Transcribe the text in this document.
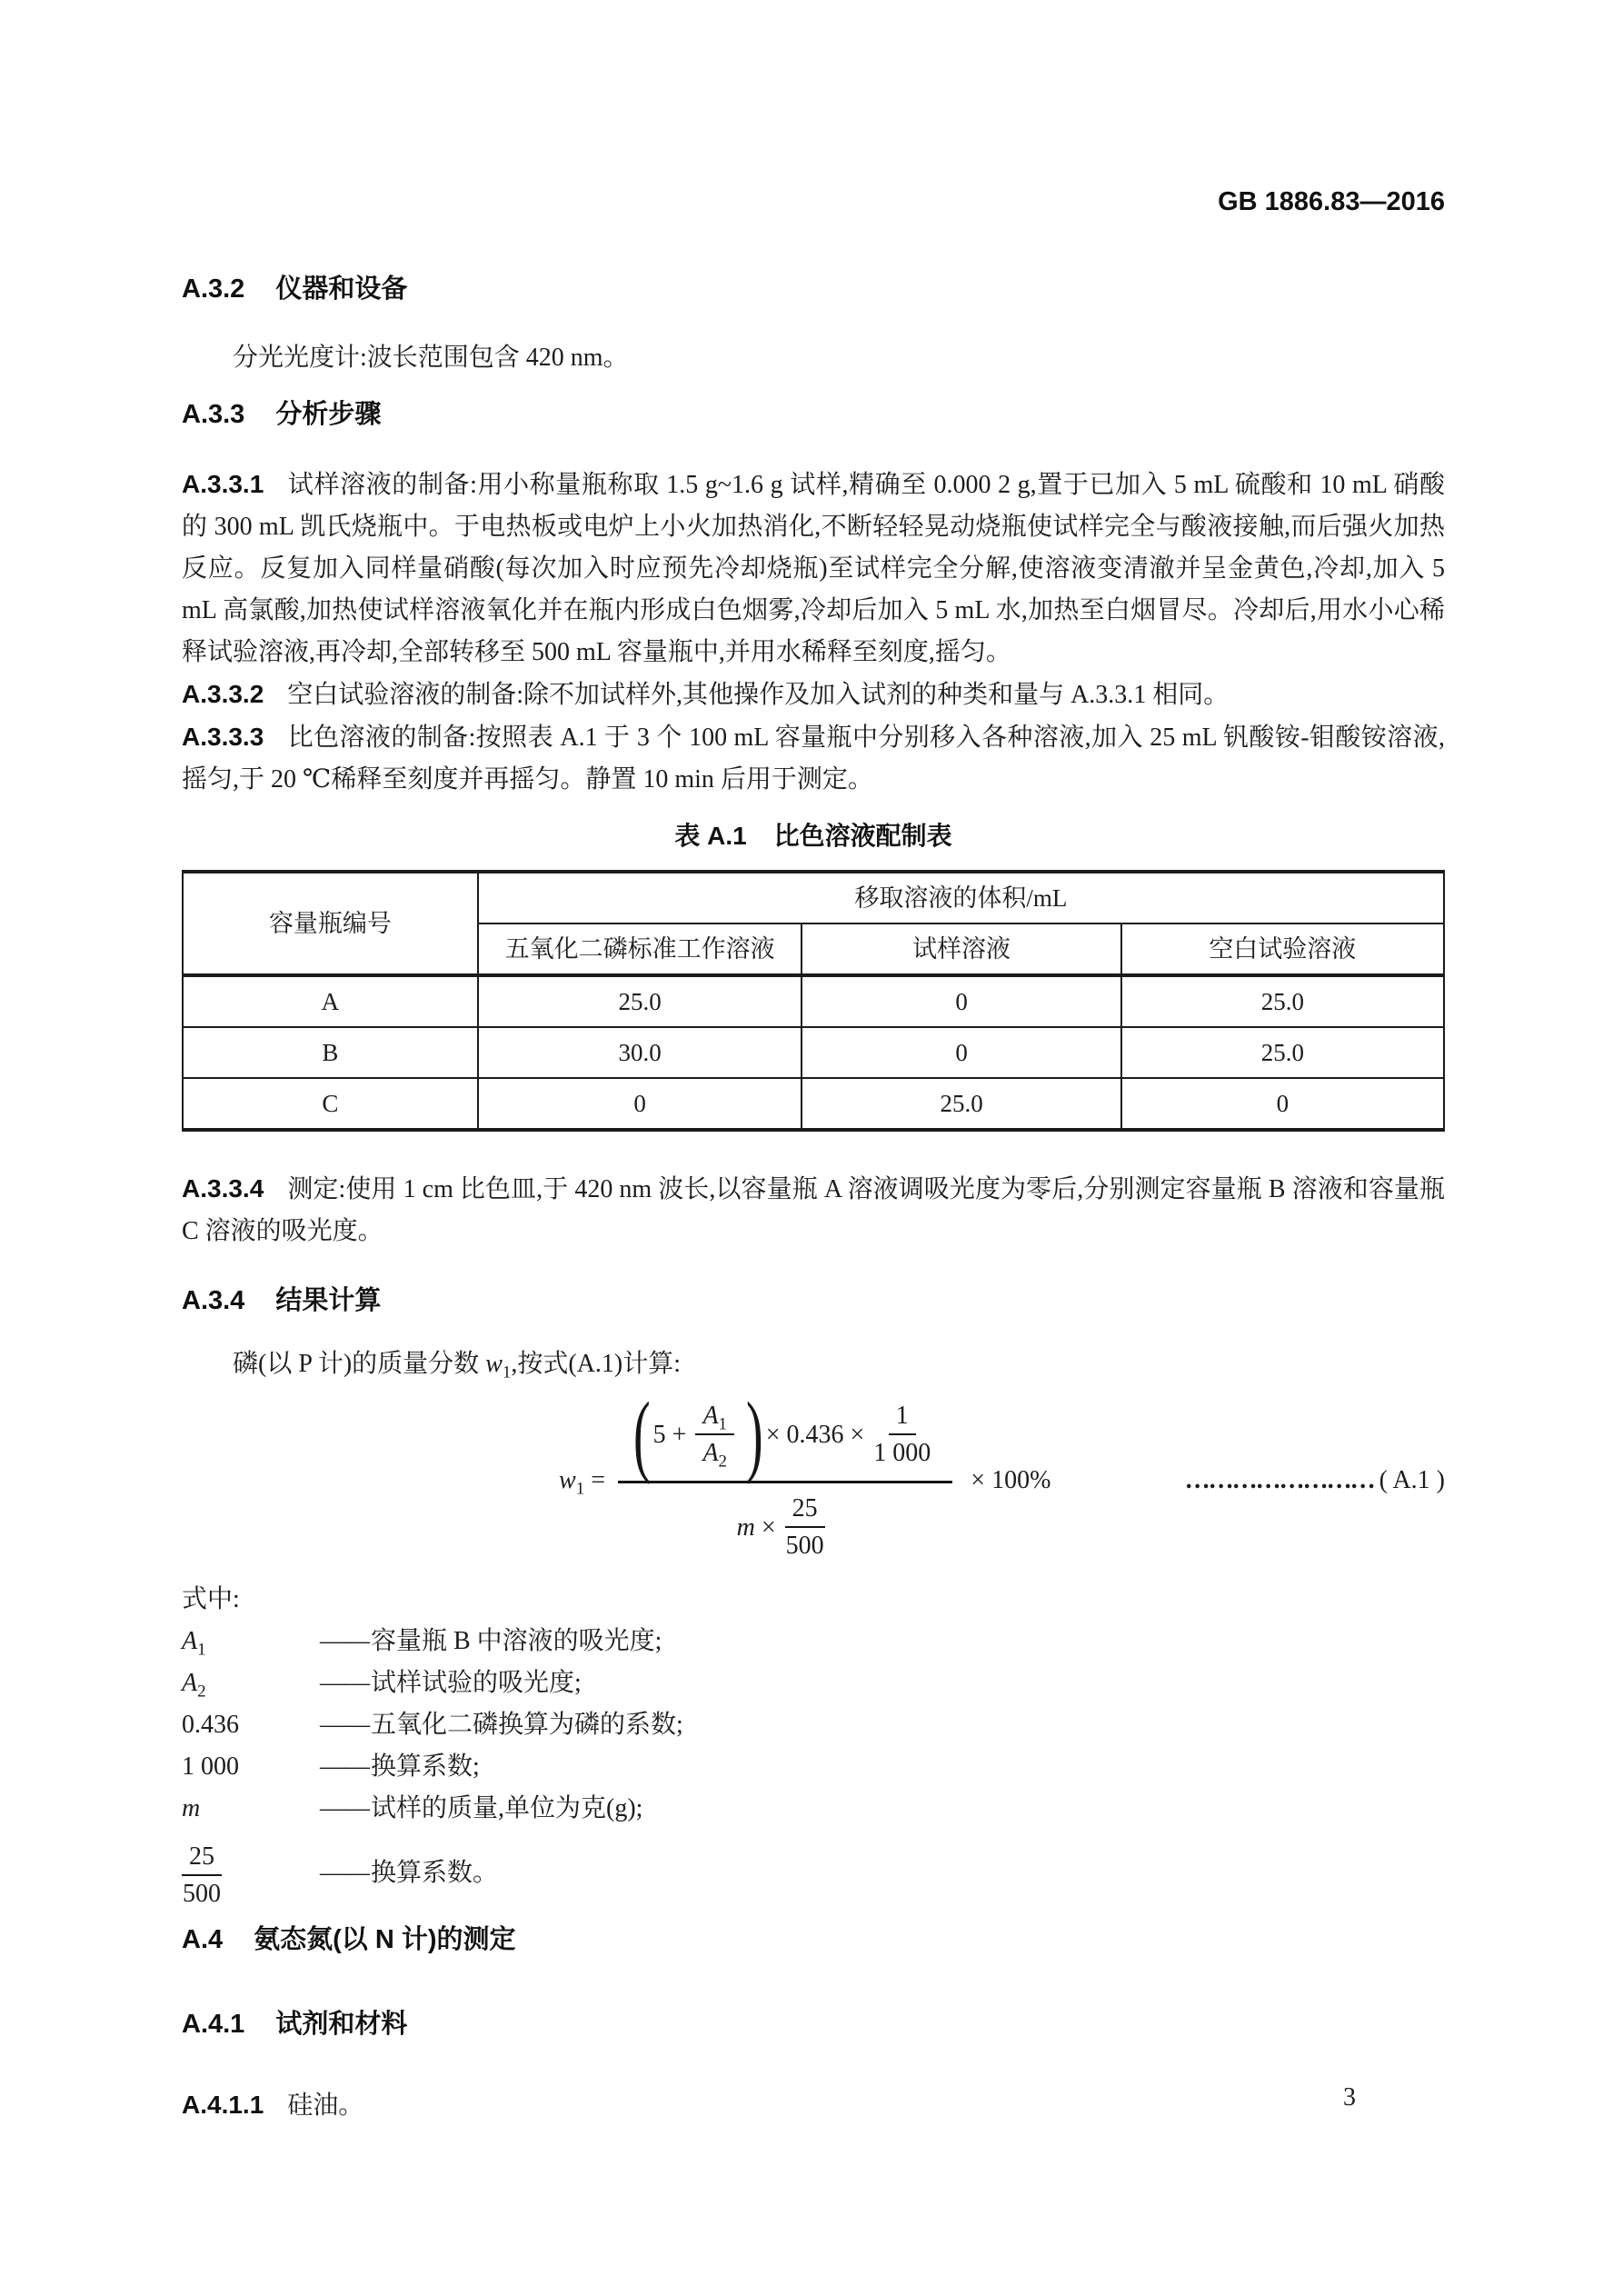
GB 1886.83—2016
A.3.2 仪器和设备

分光光度计:波长范围包含 420 nm。

A.3.3 分析步骤

A.3.3.1 试样溶液的制备:用小称量瓶称取 1.5 g~1.6 g 试样,精确至 0.000 2 g,置于已加入 5 mL 硫酸和 10 mL 硝酸的 300 mL 凯氏烧瓶中。于电热板或电炉上小火加热消化,不断轻轻晃动烧瓶使试样完全与酸液接触,而后强火加热反应。反复加入同样量硝酸(每次加入时应预先冷却烧瓶)至试样完全分解,使溶液变清澈并呈金黄色,冷却,加入 5 mL 高氯酸,加热使试样溶液氧化并在瓶内形成白色烟雾,冷却后加入 5 mL 水,加热至白烟冒尽。冷却后,用水小心稀释试验溶液,再冷却,全部转移至 500 mL 容量瓶中,并用水稀释至刻度,摇匀。

A.3.3.2 空白试验溶液的制备:除不加试样外,其他操作及加入试剂的种类和量与 A.3.3.1 相同。

A.3.3.3 比色溶液的制备:按照表 A.1 于 3 个 100 mL 容量瓶中分别移入各种溶液,加入 25 mL 钒酸铵-钼酸铵溶液,摇匀,于 20 ℃稀释至刻度并再摇匀。静置 10 min 后用于测定。

表 A.1 比色溶液配制表
容量瓶编号	移取溶液的体积/mL		
	五氧化二磷标准工作溶液	试样溶液	空白试验溶液
A	25.0	0	25.0
B	30.0	0	25.0
C	0	25.0	0

A.3.3.4 测定:使用 1 cm 比色皿,于 420 nm 波长,以容量瓶 A 溶液调吸光度为零后,分别测定容量瓶 B 溶液和容量瓶 C 溶液的吸光度。

A.3.4 结果计算

磷(以 P 计)的质量分数 $w_1$,按式(A.1)计算:

$w_1$ = ( $5 + \frac{A_1}{A_2}$ ) × $0.436 \times \frac{1}{1 000}$
m
× $\frac{25}{500}$
× 100%	…………………… ( A.1 )

式中:

$A_1$	—— 容量瓶 B 中溶液的吸光度;
$A_2$	—— 试样试验的吸光度;
0.436	—— 五氧化二磷换算为磷的系数;
1 000	—— 换算系数;
m	—— 试样的质量,单位为克(g);
$\frac{25}{500}$	—— 换算系数。
A.4 氨态氮(以 N 计)的测定
A.4.1 试剂和材料

A.4.1.1 硅油。	3
